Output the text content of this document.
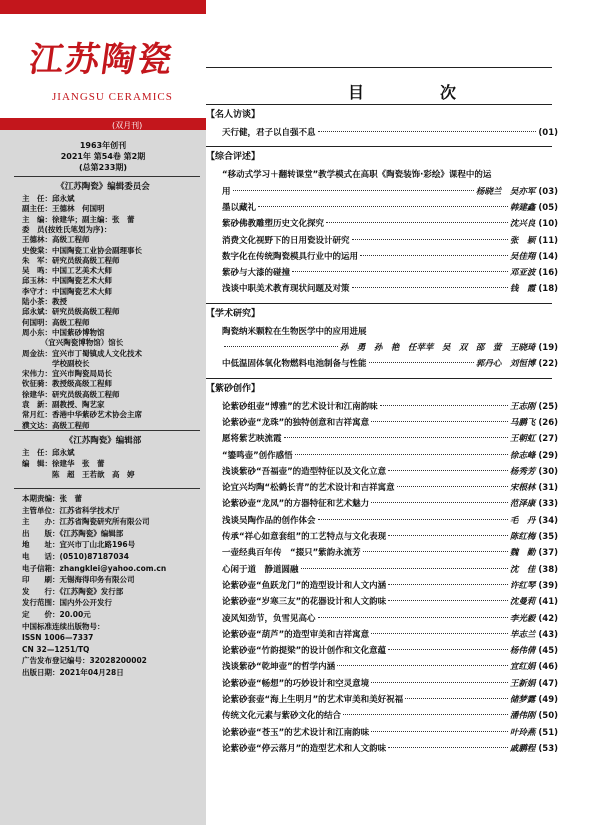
江苏陶瓷
JIANGSU CERAMICS
(双月刊)
1963年创刊
2021年 第54卷 第2期
(总第233期)
《江苏陶瓷》编辑委员会
主　任：邱永斌
副主任：王德林　何国明
主　编：徐建华；副主编：张　蕾
委　员(按姓氏笔划为序)：
王德林：高级工程师
史俊棠：中国陶瓷工业协会副理事长
朱　军：研究员级高级工程师
吴　鸣：中国工艺美术大师
邱玉林：中国陶瓷艺术大师
李守才：中国陶瓷艺术大师
陆小茶：教授
邱永斌：研究员级高级工程师
何国明：高级工程师
周小东：中国紫砂博物馆
　　　（宜兴陶瓷博物馆）馆长
周金法：宜兴市丁蜀镇成人文化技术
　　　　学校副校长
宋伟力：宜兴市陶瓷局局长
钦征骑：教授级高级工程师
徐建华：研究员级高级工程师
袁　新：副教授、陶艺家
常月红：香港中华紫砂艺术协会主席
濮文达：高级工程师
《江苏陶瓷》编辑部
主　任：邱永斌
编　辑：徐建华　张　蕾
　　　　陈　超　王若歆　高　婷
本期责编：张　蕾
主管单位：江苏省科学技术厅
主　　办：江苏省陶瓷研究所有限公司
出　　版：《江苏陶瓷》编辑部
地　　址：宜兴市丁山北路196号
电　　话：(0510)87187034
电子信箱：zhangklei@yahoo.com.cn
印　　刷：无锡海得印务有限公司
发　　行：《江苏陶瓷》发行部
发行范围：国内外公开发行
定　　价：20.00元
中国标准连续出版物号：
ISSN 1006—7337
CN 32—1251/TQ
广告发布登记编号：32028200002
出版日期：2021年04月28日
目　次
【名人访谈】
天行健，君子以自强不息	(01)
【综合评述】
“移动式学习＋翻转课堂”教学模式在高职《陶瓷装饰·彩绘》课程中的运
用	杨晓兰　吴亦军 (03)
墨以藏礼	韩建鑫 (05)
紫砂佛教雕塑历史文化探究	沈兴良 (10)
消费文化视野下的日用瓷设计研究	张　颖 (11)
数字化在传统陶瓷模具行业中的运用	吴佳翔 (14)
紫砂与大漆的碰撞	邓亚波 (16)
浅谈中职美术教育现状问题及对策	钱　霞 (18)
【学术研究】
陶瓷纳米颗粒在生物医学中的应用进展
孙　勇　孙　艳　任苹苹　吴　双　邵　萤　王晓琦 (19)
中低温固体氧化物燃料电池制备与性能	郭丹心　刘恒博 (22)
【紫砂创作】
论紫砂组壶“博雅”的艺术设计和江南韵味	王志刚 (25)
论紫砂壶“龙珠”的独特创意和吉祥寓意	马鹏飞 (26)
愿将紫艺映流霞	王朝虹 (27)
“鎏鸣壶”创作感悟	徐志峰 (29)
浅谈紫砂“吾福壶”的造型特征以及文化立意	杨秀芳 (30)
论宜兴均陶“松鹤长青”的艺术设计和吉祥寓意	宋根林 (31)
论紫砂壶“龙凤”的方器特征和艺术魅力	范泽康 (33)
浅谈吴陶作品的创作体会	毛　丹 (34)
传承“祥心如意套组”的工艺特点与文化表现	陈红梅 (35)
一壶经典百年传　“掇只”紫韵永流芳	魏　勤 (37)
心闲于道　静道圆融	沈　佳 (38)
论紫砂壶“鱼跃龙门”的造型设计和人文内涵	许红琴 (39)
论紫砂壶“岁寒三友”的花器设计和人文韵味	沈曼莉 (41)
凌风知劲节，负雪见高心	李光毅 (42)
论紫砂壶“葫芦”的造型审美和吉祥寓意	毕志兰 (43)
论紫砂壶“竹韵提梁”的设计创作和文化意蕴	杨伟倩 (45)
浅谈紫砂“乾坤壶”的哲学内涵	宜红娟 (46)
论紫砂壶“畅想”的巧妙设计和空灵意境	王新娟 (47)
论紫砂套壶“海上生明月”的艺术审美和美好祝福	储梦露 (49)
传统文化元素与紫砂文化的结合	潘伟刚 (50)
论紫砂壶“苍玉”的艺术设计和江南韵味	叶玲燕 (51)
论紫砂壶“停云落月”的造型艺术和人文韵味	戚鹏程 (53)
